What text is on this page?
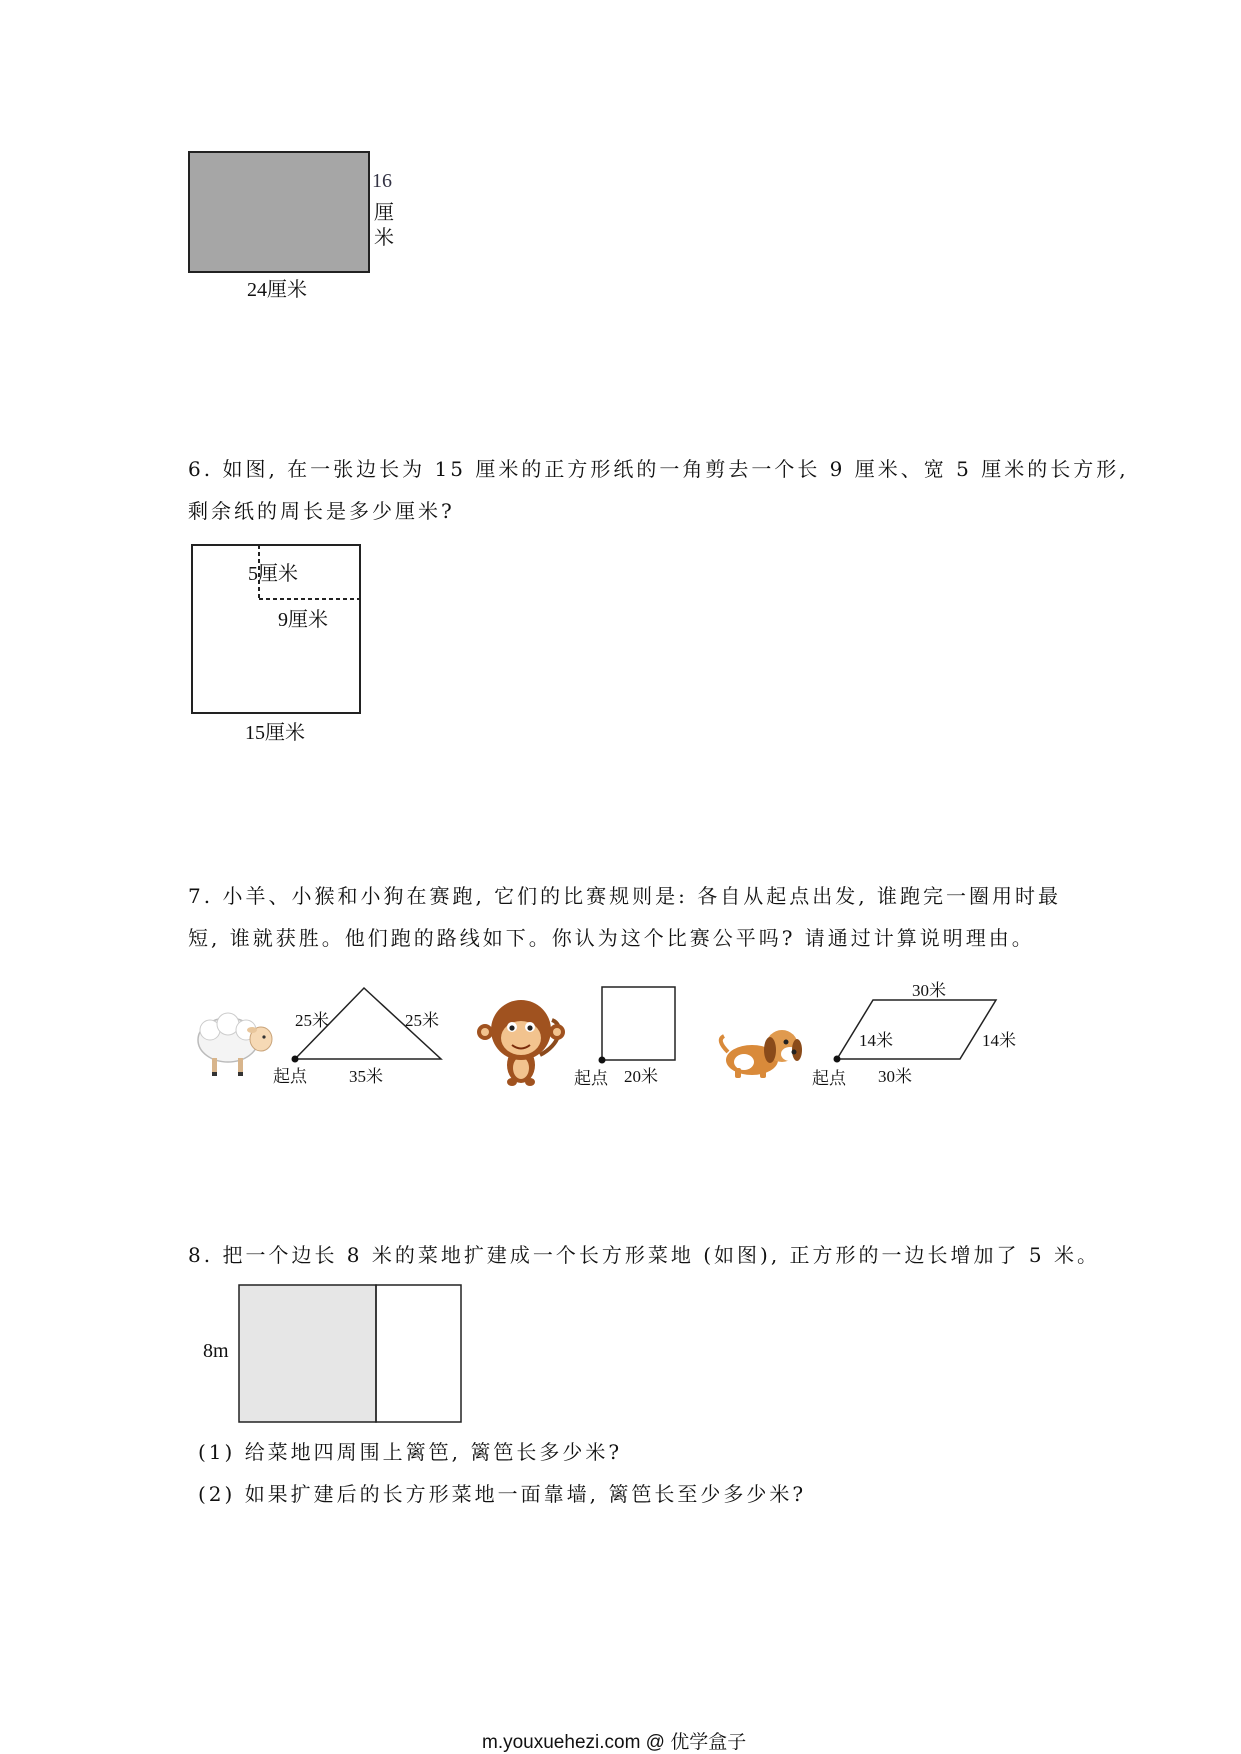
16
厘
米
24厘米
6. 如图, 在一张边长为 15 厘米的正方形纸的一角剪去一个长 9 厘米、宽 5 厘米的长方形,
剩余纸的周长是多少厘米?
5厘米
9厘米
15厘米
7. 小羊、小猴和小狗在赛跑, 它们的比赛规则是: 各自从起点出发, 谁跑完一圈用时最
短, 谁就获胜。他们跑的路线如下。你认为这个比赛公平吗? 请通过计算说明理由。
25米	25米
35米
起点	20米
起点
30米
14米	14米
30米
起点
8. 把一个边长 8 米的菜地扩建成一个长方形菜地 (如图), 正方形的一边长增加了 5 米。
8m
(1) 给菜地四周围上篱笆, 篱笆长多少米?
(2) 如果扩建后的长方形菜地一面靠墙, 篱笆长至少多少米?
m.youxuehezi.com @ 优学盒子
